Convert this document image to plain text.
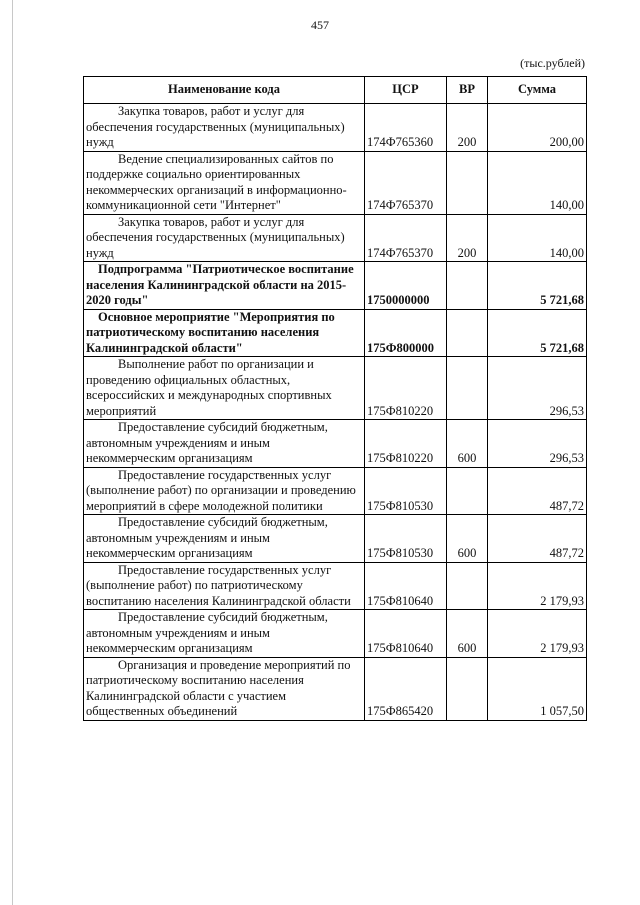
457
(тыс.рублей)
Наименование кода	ЦСР	ВР	Сумма

Закупка товаров, работ и услуг для обеспечения государственных (муниципальных) нужд	174Ф765360	200	200,00

Ведение специализированных сайтов по поддержке социально ориентированных некоммерческих организаций в информационно-коммуникационной сети "Интернет"	174Ф765370		140,00

Закупка товаров, работ и услуг для обеспечения государственных (муниципальных) нужд	174Ф765370	200	140,00

Подпрограмма "Патриотическое воспитание населения Калининградской области на 2015-2020 годы"	1750000000		5 721,68

Основное мероприятие "Мероприятия по патриотическому воспитанию населения Калининградской области"	175Ф800000		5 721,68

Выполнение работ по организации и проведению официальных областных, всероссийских и международных спортивных мероприятий	175Ф810220		296,53

Предоставление субсидий бюджетным, автономным учреждениям и иным некоммерческим организациям	175Ф810220	600	296,53

Предоставление государственных услуг (выполнение работ) по организации и проведению мероприятий в сфере молодежной политики	175Ф810530		487,72

Предоставление субсидий бюджетным, автономным учреждениям и иным некоммерческим организациям	175Ф810530	600	487,72

Предоставление государственных услуг (выполнение работ) по патриотическому воспитанию населения Калининградской области	175Ф810640		2 179,93

Предоставление субсидий бюджетным, автономным учреждениям и иным некоммерческим организациям	175Ф810640	600	2 179,93

Организация и проведение мероприятий по патриотическому воспитанию населения Калининградской области с участием общественных объединений	175Ф865420		1 057,50
